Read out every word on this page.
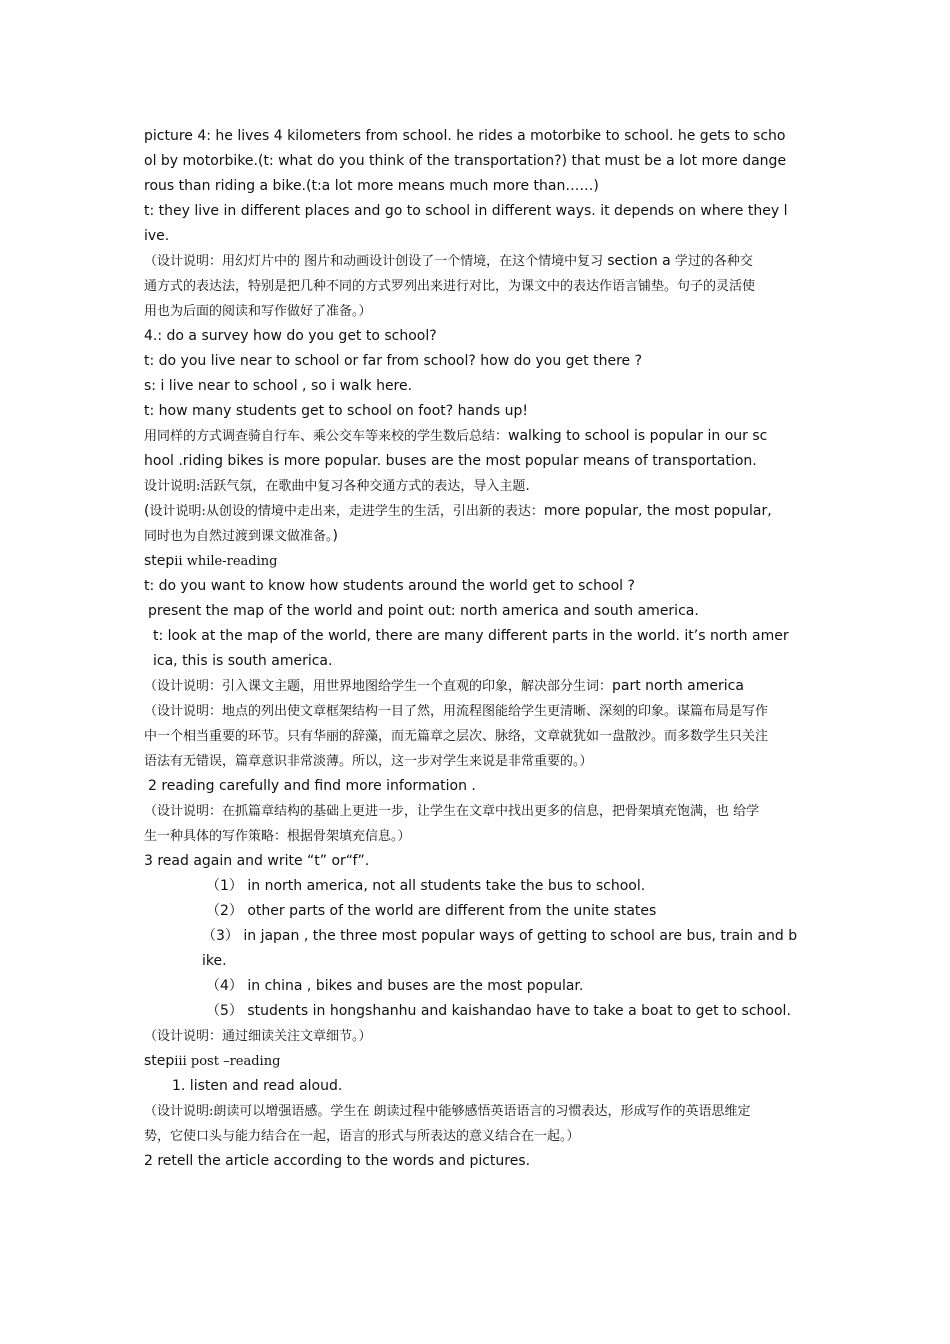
picture 4: he lives 4 kilometers from school. he rides a motorbike to school. he gets to scho
ol by motorbike.(t: what do you think of the transportation?) that must be a lot more dange
rous than riding a bike.(t:a lot more means much more than……)
t: they live in different places and go to school in different ways. it depends on where they l
ive.
（设计说明：用幻灯片中的 图片和动画设计创设了一个情境，在这个情境中复习 section a 学过的各种交
通方式的表达法，特别是把几种不同的方式罗列出来进行对比，为课文中的表达作语言铺垫。句子的灵活使
用也为后面的阅读和写作做好了准备。）
4.: do a survey how do you get to school?
t: do you live near to school or far from school? how do you get there ?
s: i live near to school , so i walk here.
t: how many students get to school on foot? hands up!
用同样的方式调查骑自行车、乘公交车等来校的学生数后总结：walking to school is popular in our sc
hool .riding bikes is more popular. buses are the most popular means of transportation.
设计说明:活跃气氛，在歌曲中复习各种交通方式的表达，导入主题.
(设计说明:从创设的情境中走出来，走进学生的生活，引出新的表达：more popular, the most popular,
同时也为自然过渡到课文做准备。)
stepⅱ while-reading
t: do you want to know how students around the world get to school ?
present the map of the world and point out: north america and south america.
t: look at the map of the world, there are many different parts in the world. it’s north amer
ica, this is south america.
（设计说明：引入课文主题，用世界地图给学生一个直观的印象，解决部分生词：part north america
（设计说明：地点的列出使文章框架结构一目了然，用流程图能给学生更清晰、深刻的印象。谋篇布局是写作
中一个相当重要的环节。只有华丽的辞藻，而无篇章之层次、脉络，文章就犹如一盘散沙。而多数学生只关注
语法有无错误，篇章意识非常淡薄。所以，这一步对学生来说是非常重要的。）
2 reading carefully and find more information .
（设计说明：在抓篇章结构的基础上更进一步，让学生在文章中找出更多的信息，把骨架填充饱满，也 给学
生一种具体的写作策略：根据骨架填充信息。）
3 read again and write “t” or“f”.
（1） in north america, not all students take the bus to school.
（2） other parts of the world are different from the unite states
（3） in japan , the three most popular ways of getting to school are bus, train and b
ike.
（4） in china , bikes and buses are the most popular.
（5） students in hongshanhu and kaishandao have to take a boat to get to school.
（设计说明：通过细读关注文章细节。）
stepⅲ post –reading
1. listen and read aloud.
（设计说明:朗读可以增强语感。学生在 朗读过程中能够感悟英语语言的习惯表达，形成写作的英语思维定
势，它使口头与能力结合在一起，语言的形式与所表达的意义结合在一起。）
2 retell the article according to the words and pictures.
